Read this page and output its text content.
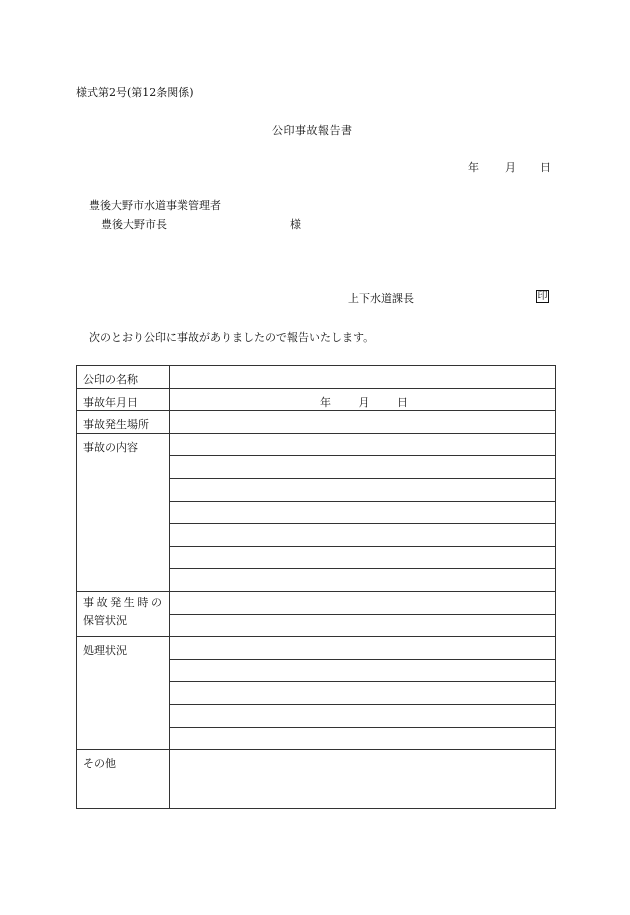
様式第2号(第12条関係)
公印事故報告書
年 月 日
豊後大野市水道事業管理者
豊後大野市長	様
上下水道課長	印
次のとおり公印に事故がありましたので報告いたします。
公印の名称	
事故年月日	年 月 日

事故発生場所	
事故の内容	

事故発生時の
保管状況	

処理状況	

その他	
